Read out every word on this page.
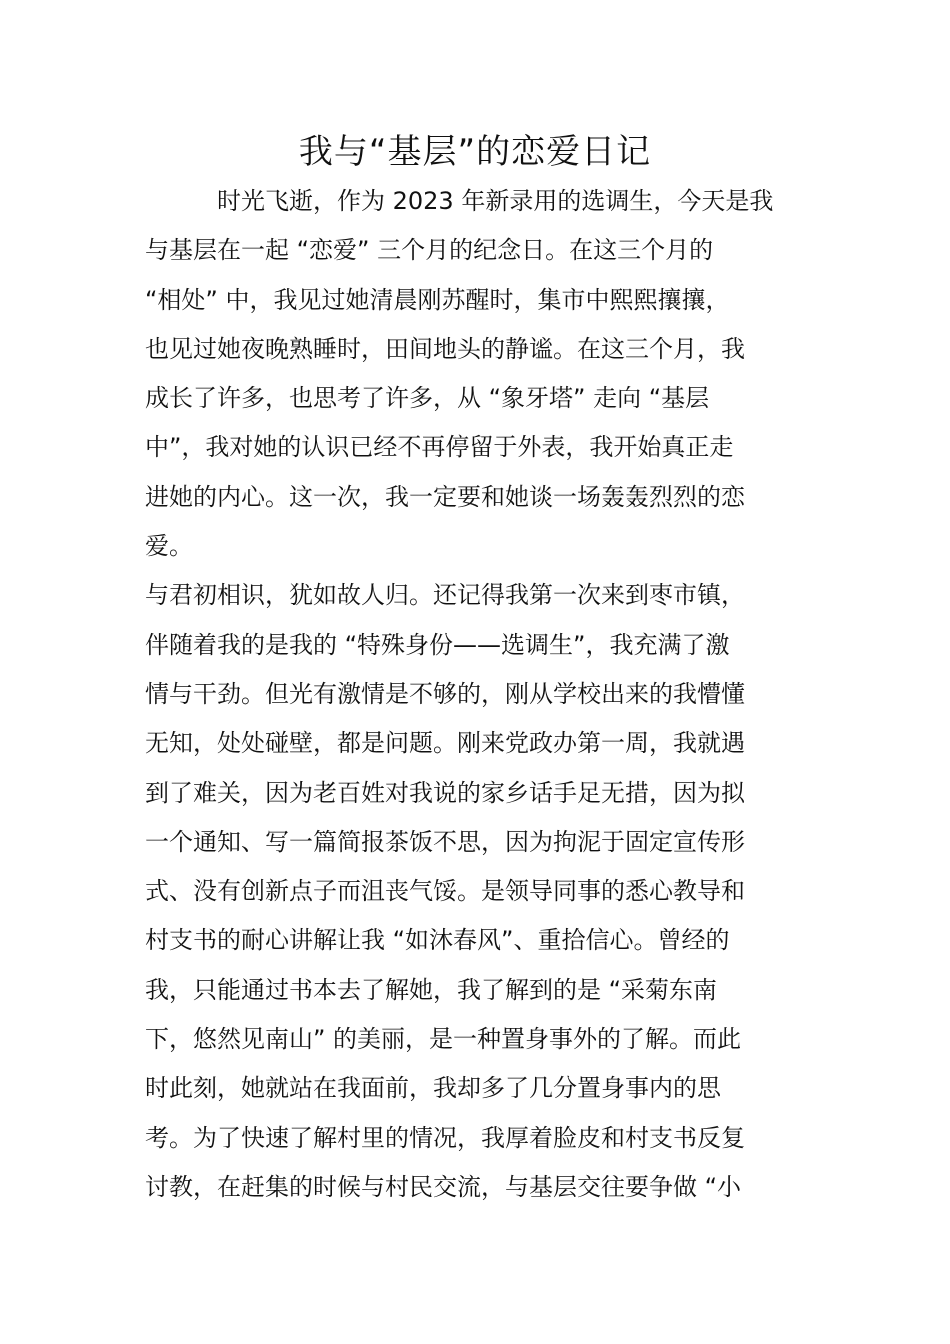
我与“基层”的恋爱日记
　　　时光飞逝，作为 2023 年新录用的选调生，今天是我
与基层在一起 “恋爱” 三个月的纪念日。在这三个月的
“相处” 中，我见过她清晨刚苏醒时，集市中熙熙攘攘，
也见过她夜晚熟睡时，田间地头的静谧。在这三个月，我
成长了许多，也思考了许多，从 “象牙塔” 走向 “基层
中”，我对她的认识已经不再停留于外表，我开始真正走
进她的内心。这一次，我一定要和她谈一场轰轰烈烈的恋
爱。
与君初相识，犹如故人归。还记得我第一次来到枣市镇，
伴随着我的是我的 “特殊身份——选调生”，我充满了激
情与干劲。但光有激情是不够的，刚从学校出来的我懵懂
无知，处处碰壁，都是问题。刚来党政办第一周，我就遇
到了难关，因为老百姓对我说的家乡话手足无措，因为拟
一个通知、写一篇简报茶饭不思，因为拘泥于固定宣传形
式、没有创新点子而沮丧气馁。是领导同事的悉心教导和
村支书的耐心讲解让我 “如沐春风”、重拾信心。曾经的
我，只能通过书本去了解她，我了解到的是 “采菊东南
下，悠然见南山” 的美丽，是一种置身事外的了解。而此
时此刻，她就站在我面前，我却多了几分置身事内的思
考。为了快速了解村里的情况，我厚着脸皮和村支书反复
讨教，在赶集的时候与村民交流，与基层交往要争做 “小
